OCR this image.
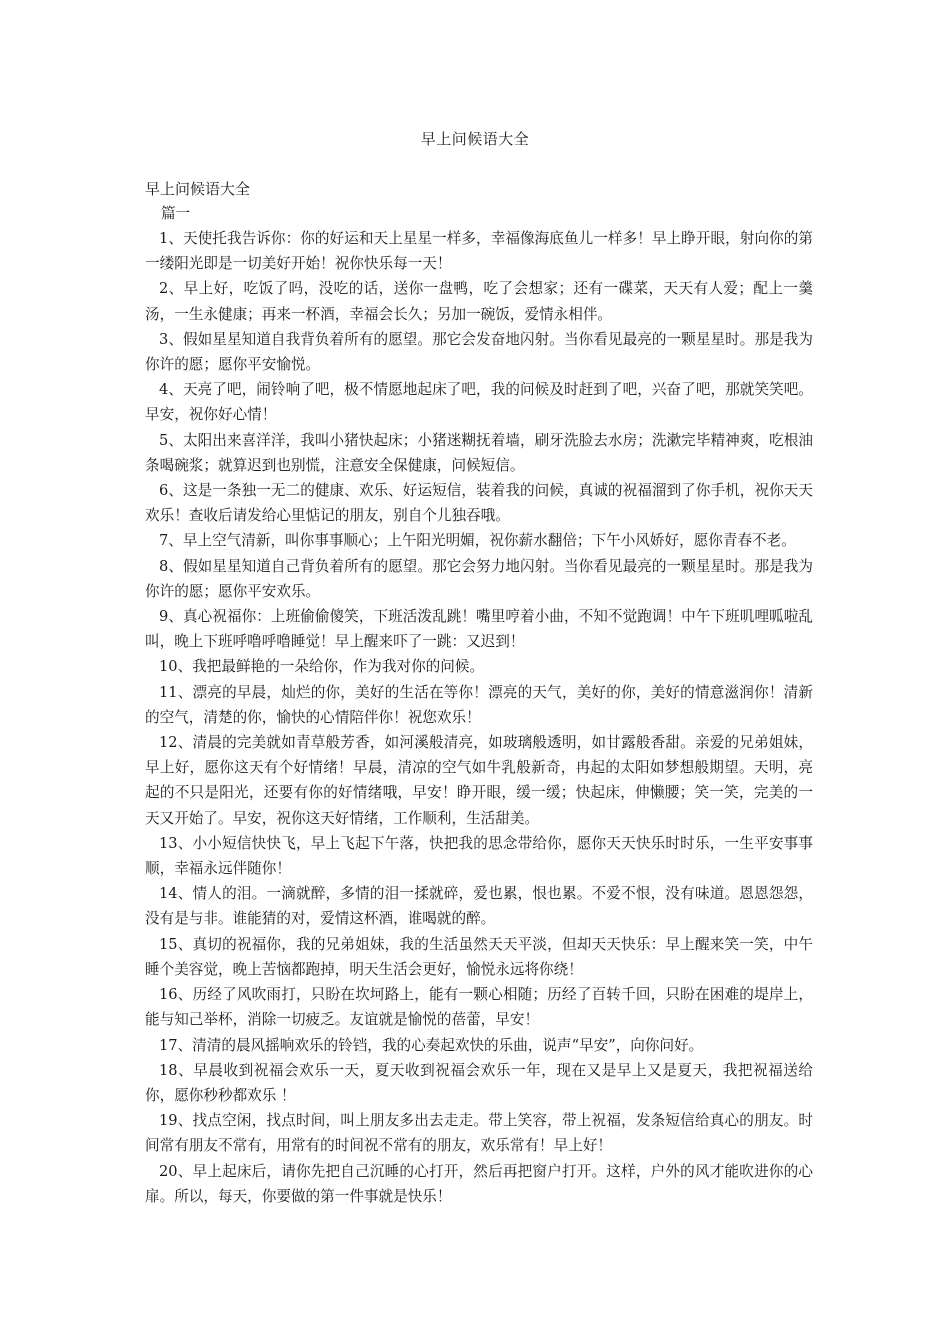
早上问候语大全

早上问候语大全

篇一

1、天使托我告诉你：你的好运和天上星星一样多，幸福像海底鱼儿一样多！早上睁开眼，射向你的第一缕阳光即是一切美好开始！祝你快乐每一天！

2、早上好，吃饭了吗，没吃的话，送你一盘鸭，吃了会想家；还有一碟菜，天天有人爱；配上一羹汤，一生永健康；再来一杯酒，幸福会长久；另加一碗饭，爱情永相伴。

3、假如星星知道自我背负着所有的愿望。那它会发奋地闪射。当你看见最亮的一颗星星时。那是我为你许的愿；愿你平安愉悦。

4、天亮了吧，闹铃响了吧，极不情愿地起床了吧，我的问候及时赶到了吧，兴奋了吧，那就笑笑吧。早安，祝你好心情！

5、太阳出来喜洋洋，我叫小猪快起床；小猪迷糊抚着墙，刷牙洗脸去水房；洗漱完毕精神爽，吃根油条喝碗浆；就算迟到也别慌，注意安全保健康，问候短信。

6、这是一条独一无二的健康、欢乐、好运短信，装着我的问候，真诚的祝福溜到了你手机，祝你天天欢乐！查收后请发给心里惦记的朋友，别自个儿独吞哦。

7、早上空气清新，叫你事事顺心；上午阳光明媚，祝你薪水翻倍；下午小风娇好，愿你青春不老。

8、假如星星知道自己背负着所有的愿望。那它会努力地闪射。当你看见最亮的一颗星星时。那是我为你许的愿；愿你平安欢乐。

9、真心祝福你：上班偷偷傻笑，下班活泼乱跳！嘴里哼着小曲，不知不觉跑调！中午下班叽哩呱啦乱叫，晚上下班呼噜呼噜睡觉！早上醒来吓了一跳：又迟到！

10、我把最鲜艳的一朵给你，作为我对你的问候。

11、漂亮的早晨，灿烂的你，美好的生活在等你！漂亮的天气，美好的你，美好的情意滋润你！清新的空气，清楚的你，愉快的心情陪伴你！祝您欢乐！

12、清晨的完美就如青草般芳香，如河溪般清亮，如玻璃般透明，如甘露般香甜。亲爱的兄弟姐妹，早上好，愿你这天有个好情绪！早晨，清凉的空气如牛乳般新奇，冉起的太阳如梦想般期望。天明，亮起的不只是阳光，还要有你的好情绪哦，早安！睁开眼，缓一缓；快起床，伸懒腰；笑一笑，完美的一天又开始了。早安，祝你这天好情绪，工作顺利，生活甜美。

13、小小短信快快飞，早上飞起下午落，快把我的思念带给你，愿你天天快乐时时乐，一生平安事事顺，幸福永远伴随你！

14、情人的泪。一滴就醉，多情的泪一揉就碎，爱也累，恨也累。不爱不恨，没有味道。恩恩怨怨，没有是与非。谁能猜的对，爱情这杯酒，谁喝就的醉。

15、真切的祝福你，我的兄弟姐妹，我的生活虽然天天平淡，但却天天快乐：早上醒来笑一笑，中午睡个美容觉，晚上苦恼都跑掉，明天生活会更好，愉悦永远将你绕！

16、历经了风吹雨打，只盼在坎坷路上，能有一颗心相随；历经了百转千回，只盼在困难的堤岸上，能与知己举杯，消除一切疲乏。友谊就是愉悦的蓓蕾，早安！

17、清清的晨风摇响欢乐的铃铛，我的心奏起欢快的乐曲，说声“早安”，向你问好。

18、早晨收到祝福会欢乐一天，夏天收到祝福会欢乐一年，现在又是早上又是夏天，我把祝福送给你，愿你秒秒都欢乐 ！

19、找点空闲，找点时间，叫上朋友多出去走走。带上笑容，带上祝福，发条短信给真心的朋友。时间常有朋友不常有，用常有的时间祝不常有的朋友，欢乐常有！早上好！

20、早上起床后，请你先把自己沉睡的心打开，然后再把窗户打开。这样，户外的风才能吹进你的心扉。所以，每天，你要做的第一件事就是快乐！
